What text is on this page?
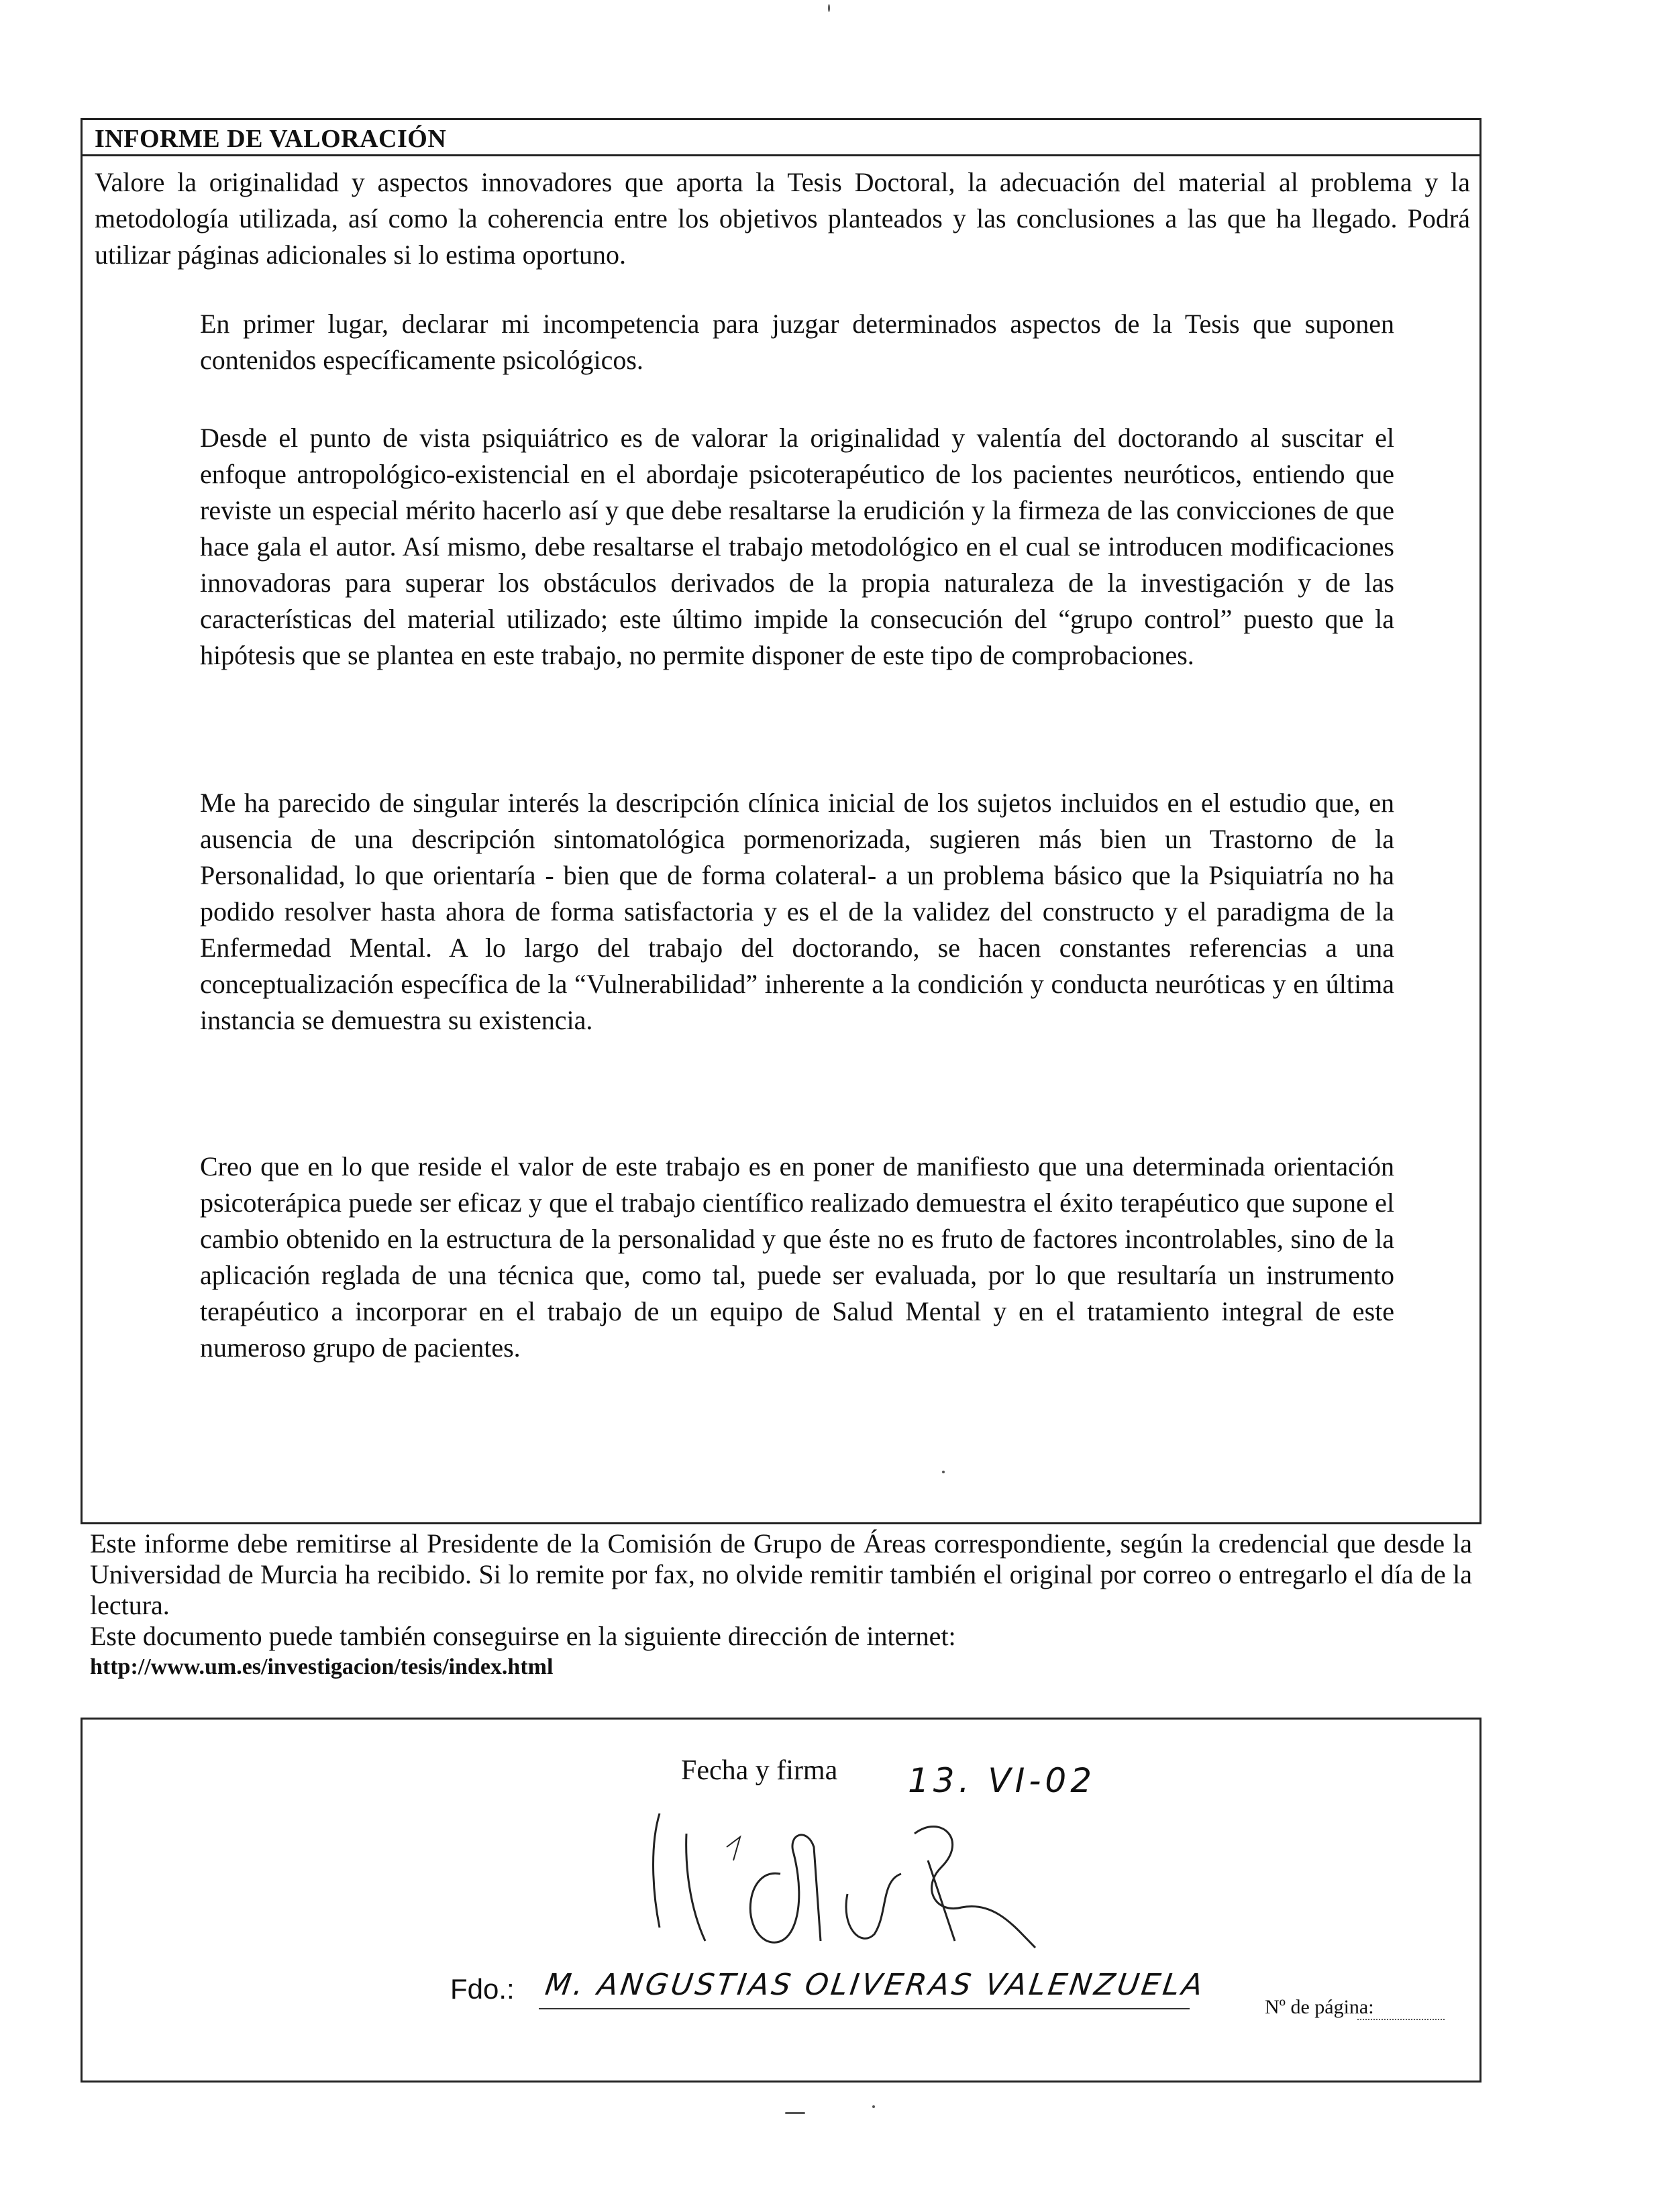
INFORME DE VALORACIÓN
Valore la originalidad y aspectos innovadores que aporta la Tesis Doctoral, la adecuación del material al problema y la metodología utilizada, así como la coherencia entre los objetivos planteados y las conclusiones a las que ha llegado. Podrá utilizar páginas adicionales si lo estima oportuno.
En primer lugar, declarar mi incompetencia para juzgar determinados aspectos de la Tesis que suponen contenidos específicamente psicológicos.
Desde el punto de vista psiquiátrico es de valorar la originalidad y valentía del doctorando al suscitar el enfoque antropológico-existencial en el abordaje psicoterapéutico de los pacientes neuróticos, entiendo que reviste un especial mérito hacerlo así y que debe resaltarse la erudición y la firmeza de las convicciones de que hace gala el autor. Así mismo, debe resaltarse el trabajo metodológico en el cual se introducen modificaciones innovadoras para superar los obstáculos derivados de la propia naturaleza de la investigación y de las características del material utilizado; este último impide la consecución del “grupo control” puesto que la hipótesis que se plantea en este trabajo, no permite disponer de este tipo de comprobaciones.
Me ha parecido de singular interés la descripción clínica inicial de los sujetos incluidos en el estudio que, en ausencia de una descripción sintomatológica pormenorizada, sugieren más bien un Trastorno de la Personalidad, lo que orientaría - bien que de forma colateral- a un problema básico que la Psiquiatría no ha podido resolver hasta ahora de forma satisfactoria y es el de la validez del constructo y el paradigma de la Enfermedad Mental. A lo largo del trabajo del doctorando, se hacen constantes referencias a una conceptualización específica de la “Vulnerabilidad” inherente a la condición y conducta neuróticas y en última instancia se demuestra su existencia.
Creo que en lo que reside el valor de este trabajo es en poner de manifiesto que una determinada orientación psicoterápica puede ser eficaz y que el trabajo científico realizado demuestra el éxito terapéutico que supone el cambio obtenido en la estructura de la personalidad y que éste no es fruto de factores incontrolables, sino de la aplicación reglada de una técnica que, como tal, puede ser evaluada, por lo que resultaría un instrumento terapéutico a incorporar en el trabajo de un equipo de Salud Mental y en el tratamiento integral de este numeroso grupo de pacientes.
Este informe debe remitirse al Presidente de la Comisión de Grupo de Áreas correspondiente, según la credencial que desde la Universidad de Murcia ha recibido. Si lo remite por fax, no olvide remitir también el original por correo o entregarlo el día de la lectura.
Este documento puede también conseguirse en la siguiente dirección de internet:
http://www.um.es/investigacion/tesis/index.html
Fecha y firma 13. VI-02
Fdo.: M. ANGUSTIAS OLIVERAS VALENZUELA
Nº de página:
